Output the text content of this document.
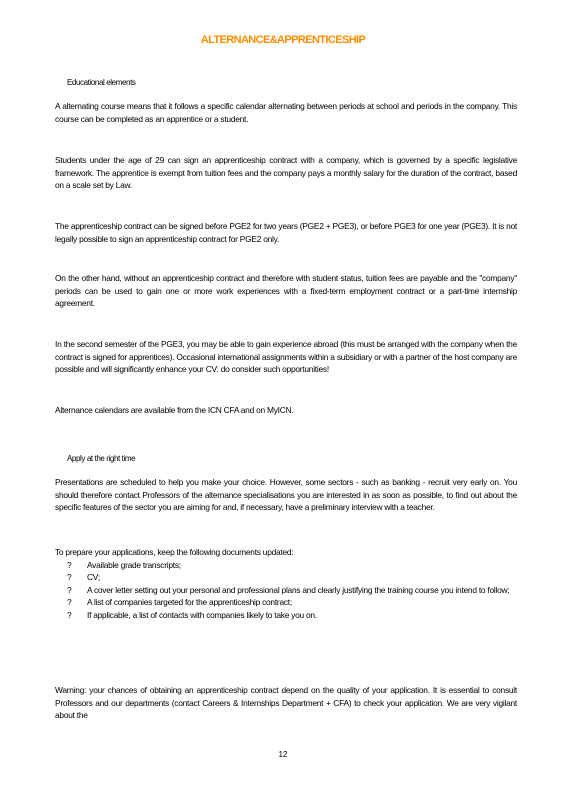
ALTERNANCE&APPRENTICESHIP
Educational elements
A alternating course means that it follows a specific calendar alternating between periods at school and periods in the company. This course can be completed as an apprentice or a student.
Students under the age of 29 can sign an apprenticeship contract with a company, which is governed by a specific legislative framework. The apprentice is exempt from tuition fees and the company pays a monthly salary for the duration of the contract, based on a scale set by Law.
The apprenticeship contract can be signed before PGE2 for two years (PGE2 + PGE3), or before PGE3 for one year (PGE3). It is not legally possible to sign an apprenticeship contract for PGE2 only.
On the other hand, without an apprenticeship contract and therefore with student status, tuition fees are payable and the "company" periods can be used to gain one or more work experiences with a fixed-term employment contract or a part-time internship agreement.
In the second semester of the PGE3, you may be able to gain experience abroad (this must be arranged with the company when the contract is signed for apprentices). Occasional international assignments within a subsidiary or with a partner of the host company are possible and will significantly enhance your CV: do consider such opportunities!
Alternance calendars are available from the ICN CFA and on MyICN.
Apply at the right time
Presentations are scheduled to help you make your choice. However, some sectors - such as banking - recruit very early on. You should therefore contact Professors of the alternance specialisations you are interested in as soon as possible, to find out about the specific features of the sector you are aiming for and, if necessary, have a preliminary interview with a teacher.
To prepare your applications, keep the following documents updated:
? Available grade transcripts;
? CV;
? A cover letter setting out your personal and professional plans and clearly justifying the training course you intend to follow;
? A list of companies targeted for the apprenticeship contract;
? If applicable, a list of contacts with companies likely to take you on.
Warning: your chances of obtaining an apprenticeship contract depend on the quality of your application. It is essential to consult Professors and our departments (contact Careers & Internships Department + CFA) to check your application. We are very vigilant about the
12
